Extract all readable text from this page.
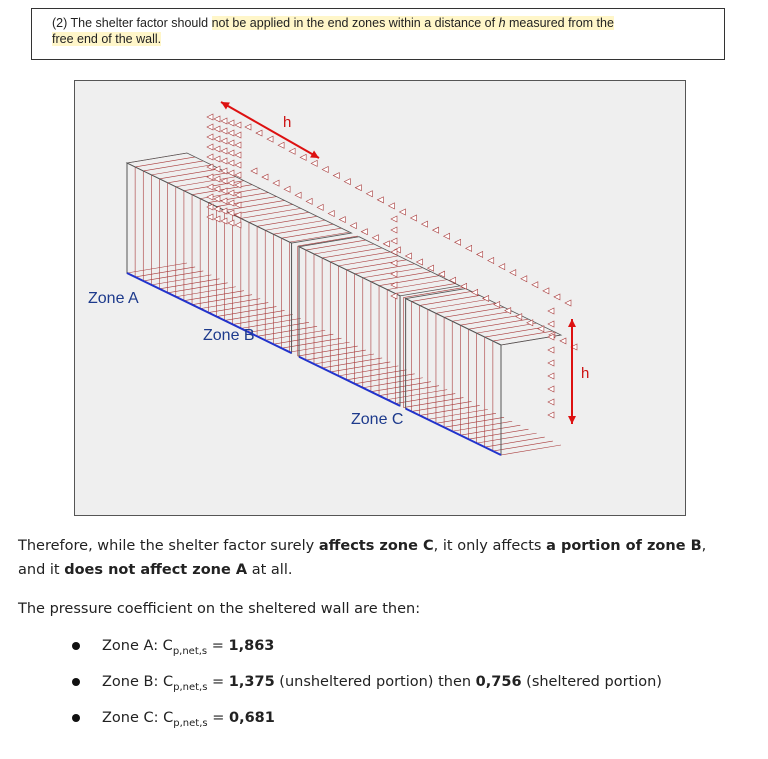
(2) The shelter factor should not be applied in the end zones within a distance of h measured from the
free end of the wall.
h
h
Zone A
Zone B
Zone C
Therefore, while the shelter factor surely affects zone C, it only affects a portion of zone B,
and it does not affect zone A at all.
The pressure coefficient on the sheltered wall are then:
Zone A: $C_{p,net,s} = 1,863$
Zone B: $C_{p,net,s} = 1,375$ (unsheltered portion) then 0,756 (sheltered portion)
Zone C: $C_{p,net,s} = 0,681$
